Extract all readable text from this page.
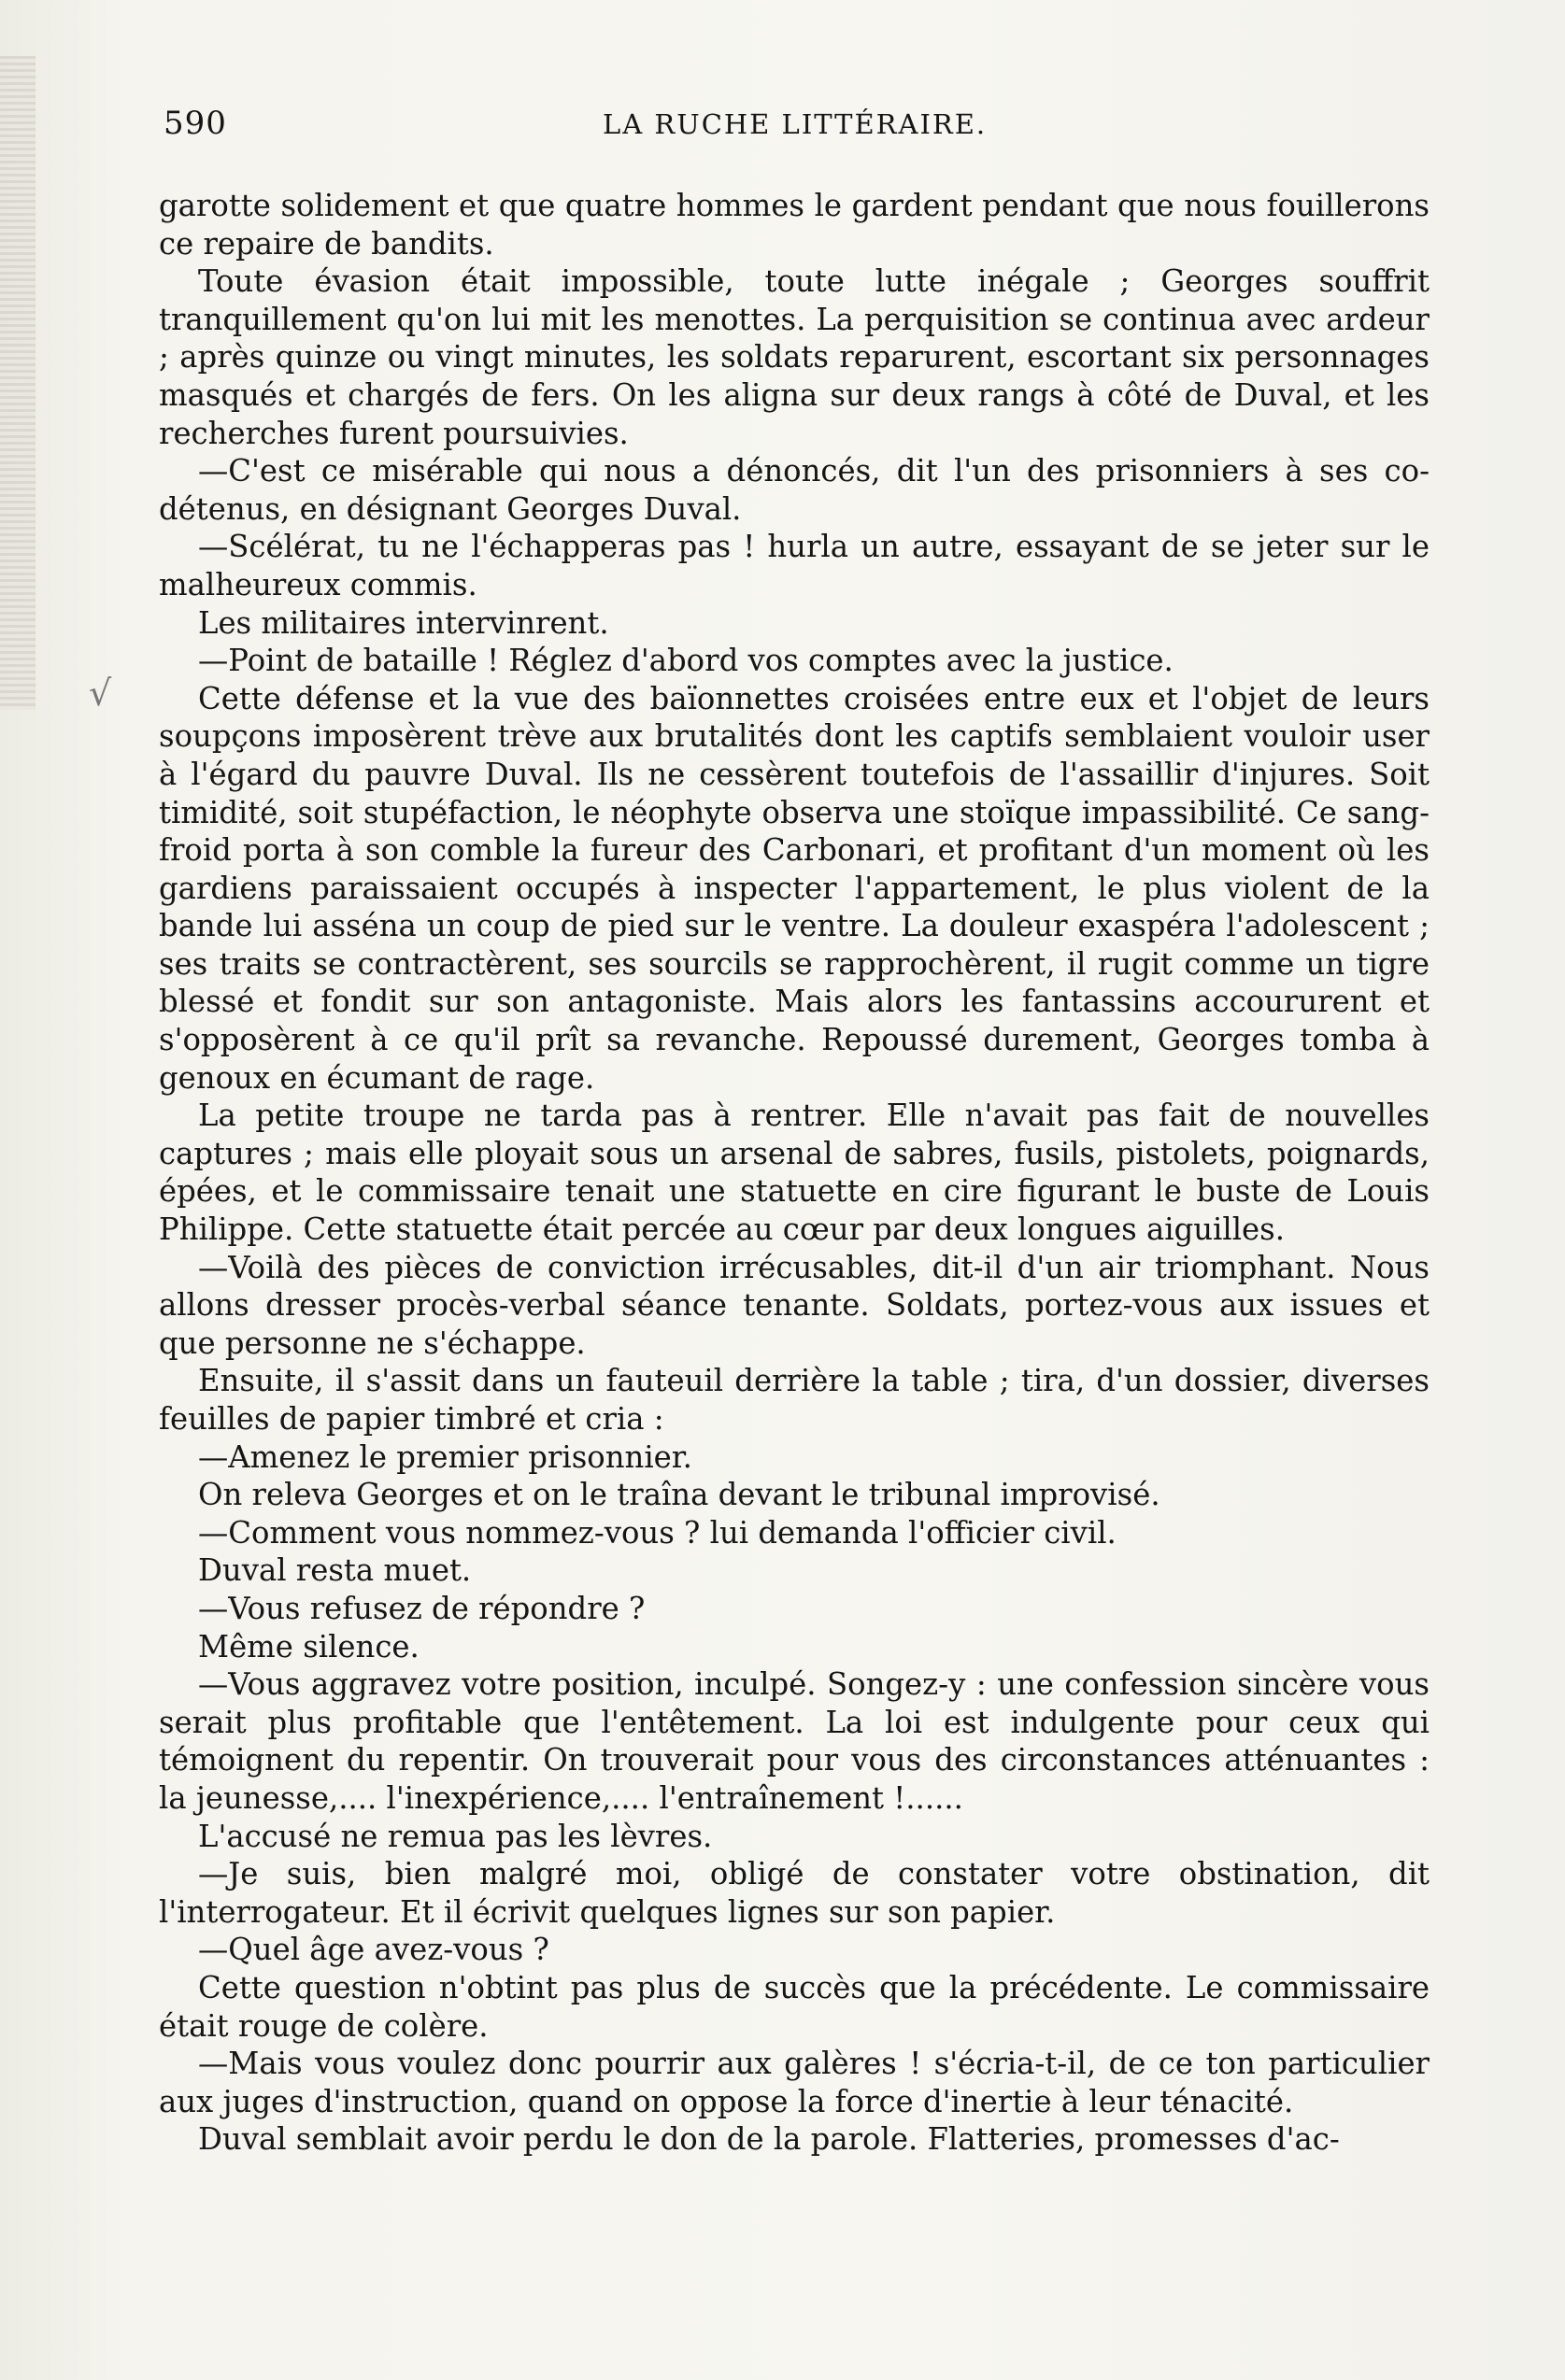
590	LA RUCHE LITTÉRAIRE.
√

garotte solidement et que quatre hommes le gardent pendant que nous fouillerons ce repaire de bandits.

Toute évasion était impossible, toute lutte inégale ; Georges souffrit tranquillement qu'on lui mit les menottes. La perquisition se continua avec ardeur ; après quinze ou vingt minutes, les soldats reparurent, escortant six personnages masqués et chargés de fers. On les aligna sur deux rangs à côté de Duval, et les recherches furent poursuivies.

—C'est ce misérable qui nous a dénoncés, dit l'un des prisonniers à ses co-détenus, en désignant Georges Duval.

—Scélérat, tu ne l'échapperas pas ! hurla un autre, essayant de se jeter sur le malheureux commis.

Les militaires intervinrent.

—Point de bataille ! Réglez d'abord vos comptes avec la justice.

Cette défense et la vue des baïonnettes croisées entre eux et l'objet de leurs soupçons imposèrent trève aux brutalités dont les captifs semblaient vouloir user à l'égard du pauvre Duval. Ils ne cessèrent toutefois de l'assaillir d'injures. Soit timidité, soit stupéfaction, le néophyte observa une stoïque impassibilité. Ce sang-froid porta à son comble la fureur des Carbonari, et profitant d'un moment où les gardiens paraissaient occupés à inspecter l'appartement, le plus violent de la bande lui asséna un coup de pied sur le ventre. La douleur exaspéra l'adolescent ; ses traits se contractèrent, ses sourcils se rapprochèrent, il rugit comme un tigre blessé et fondit sur son antagoniste. Mais alors les fantassins accoururent et s'opposèrent à ce qu'il prît sa revanche. Repoussé durement, Georges tomba à genoux en écumant de rage.

La petite troupe ne tarda pas à rentrer. Elle n'avait pas fait de nouvelles captures ; mais elle ployait sous un arsenal de sabres, fusils, pistolets, poignards, épées, et le commissaire tenait une statuette en cire figurant le buste de Louis Philippe. Cette statuette était percée au cœur par deux longues aiguilles.

—Voilà des pièces de conviction irrécusables, dit-il d'un air triomphant. Nous allons dresser procès-verbal séance tenante. Soldats, portez-vous aux issues et que personne ne s'échappe.

Ensuite, il s'assit dans un fauteuil derrière la table ; tira, d'un dossier, diverses feuilles de papier timbré et cria :

—Amenez le premier prisonnier.

On releva Georges et on le traîna devant le tribunal improvisé.

—Comment vous nommez-vous ? lui demanda l'officier civil.

Duval resta muet.

—Vous refusez de répondre ?

Même silence.

—Vous aggravez votre position, inculpé. Songez-y : une confession sincère vous serait plus profitable que l'entêtement. La loi est indulgente pour ceux qui témoignent du repentir. On trouverait pour vous des circonstances atténuantes : la jeunesse,.... l'inexpérience,.... l'entraînement !......

L'accusé ne remua pas les lèvres.

—Je suis, bien malgré moi, obligé de constater votre obstination, dit l'interrogateur. Et il écrivit quelques lignes sur son papier.

—Quel âge avez-vous ?

Cette question n'obtint pas plus de succès que la précédente. Le commissaire était rouge de colère.

—Mais vous voulez donc pourrir aux galères ! s'écria-t-il, de ce ton particulier aux juges d'instruction, quand on oppose la force d'inertie à leur ténacité.

Duval semblait avoir perdu le don de la parole. Flatteries, promesses d'ac-
